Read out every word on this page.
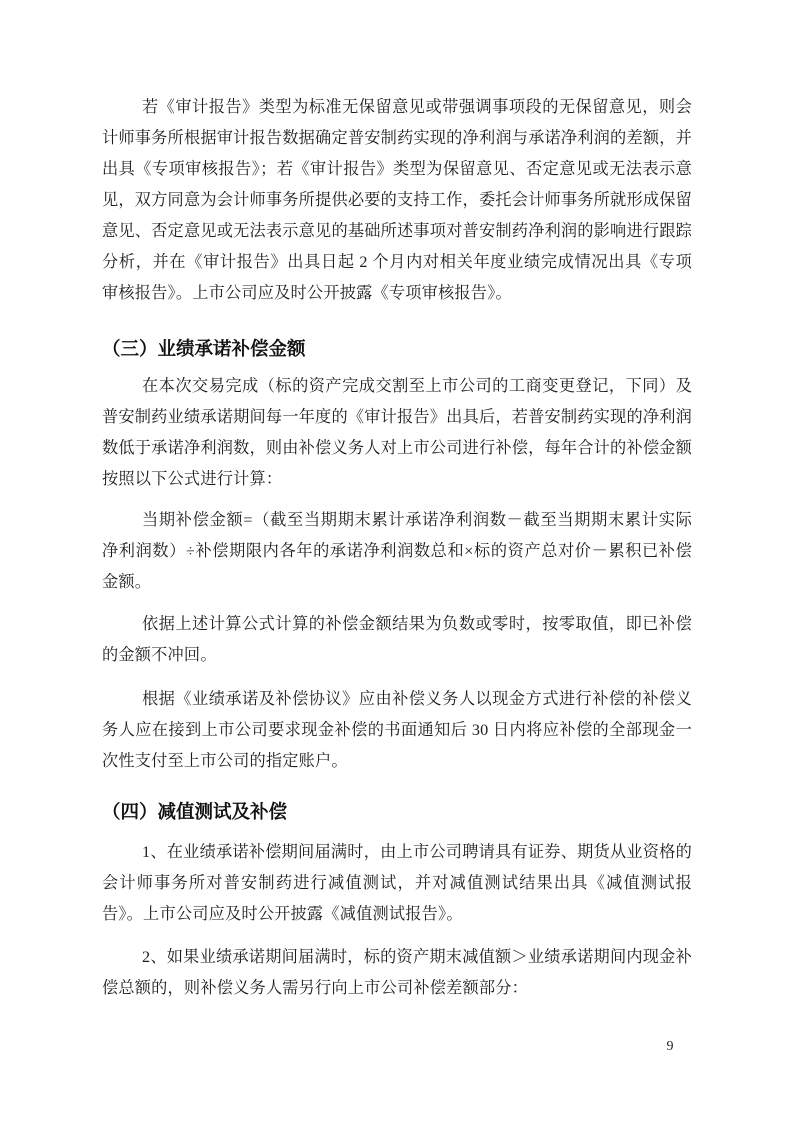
若《审计报告》类型为标准无保留意见或带强调事项段的无保留意见，则会计师事务所根据审计报告数据确定普安制药实现的净利润与承诺净利润的差额，并出具《专项审核报告》；若《审计报告》类型为保留意见、否定意见或无法表示意见，双方同意为会计师事务所提供必要的支持工作，委托会计师事务所就形成保留意见、否定意见或无法表示意见的基础所述事项对普安制药净利润的影响进行跟踪分析，并在《审计报告》出具日起 2 个月内对相关年度业绩完成情况出具《专项审核报告》。上市公司应及时公开披露《专项审核报告》。

（三）业绩承诺补偿金额

在本次交易完成（标的资产完成交割至上市公司的工商变更登记，下同）及普安制药业绩承诺期间每一年度的《审计报告》出具后，若普安制药实现的净利润数低于承诺净利润数，则由补偿义务人对上市公司进行补偿，每年合计的补偿金额按照以下公式进行计算：

当期补偿金额=（截至当期期末累计承诺净利润数－截至当期期末累计实际净利润数）÷补偿期限内各年的承诺净利润数总和×标的资产总对价－累积已补偿金额。

依据上述计算公式计算的补偿金额结果为负数或零时，按零取值，即已补偿的金额不冲回。

根据《业绩承诺及补偿协议》应由补偿义务人以现金方式进行补偿的补偿义务人应在接到上市公司要求现金补偿的书面通知后 30 日内将应补偿的全部现金一次性支付至上市公司的指定账户。

（四）减值测试及补偿

1、在业绩承诺补偿期间届满时，由上市公司聘请具有证券、期货从业资格的会计师事务所对普安制药进行减值测试，并对减值测试结果出具《减值测试报告》。上市公司应及时公开披露《减值测试报告》。

2、如果业绩承诺期间届满时，标的资产期末减值额＞业绩承诺期间内现金补偿总额的，则补偿义务人需另行向上市公司补偿差额部分：

9
